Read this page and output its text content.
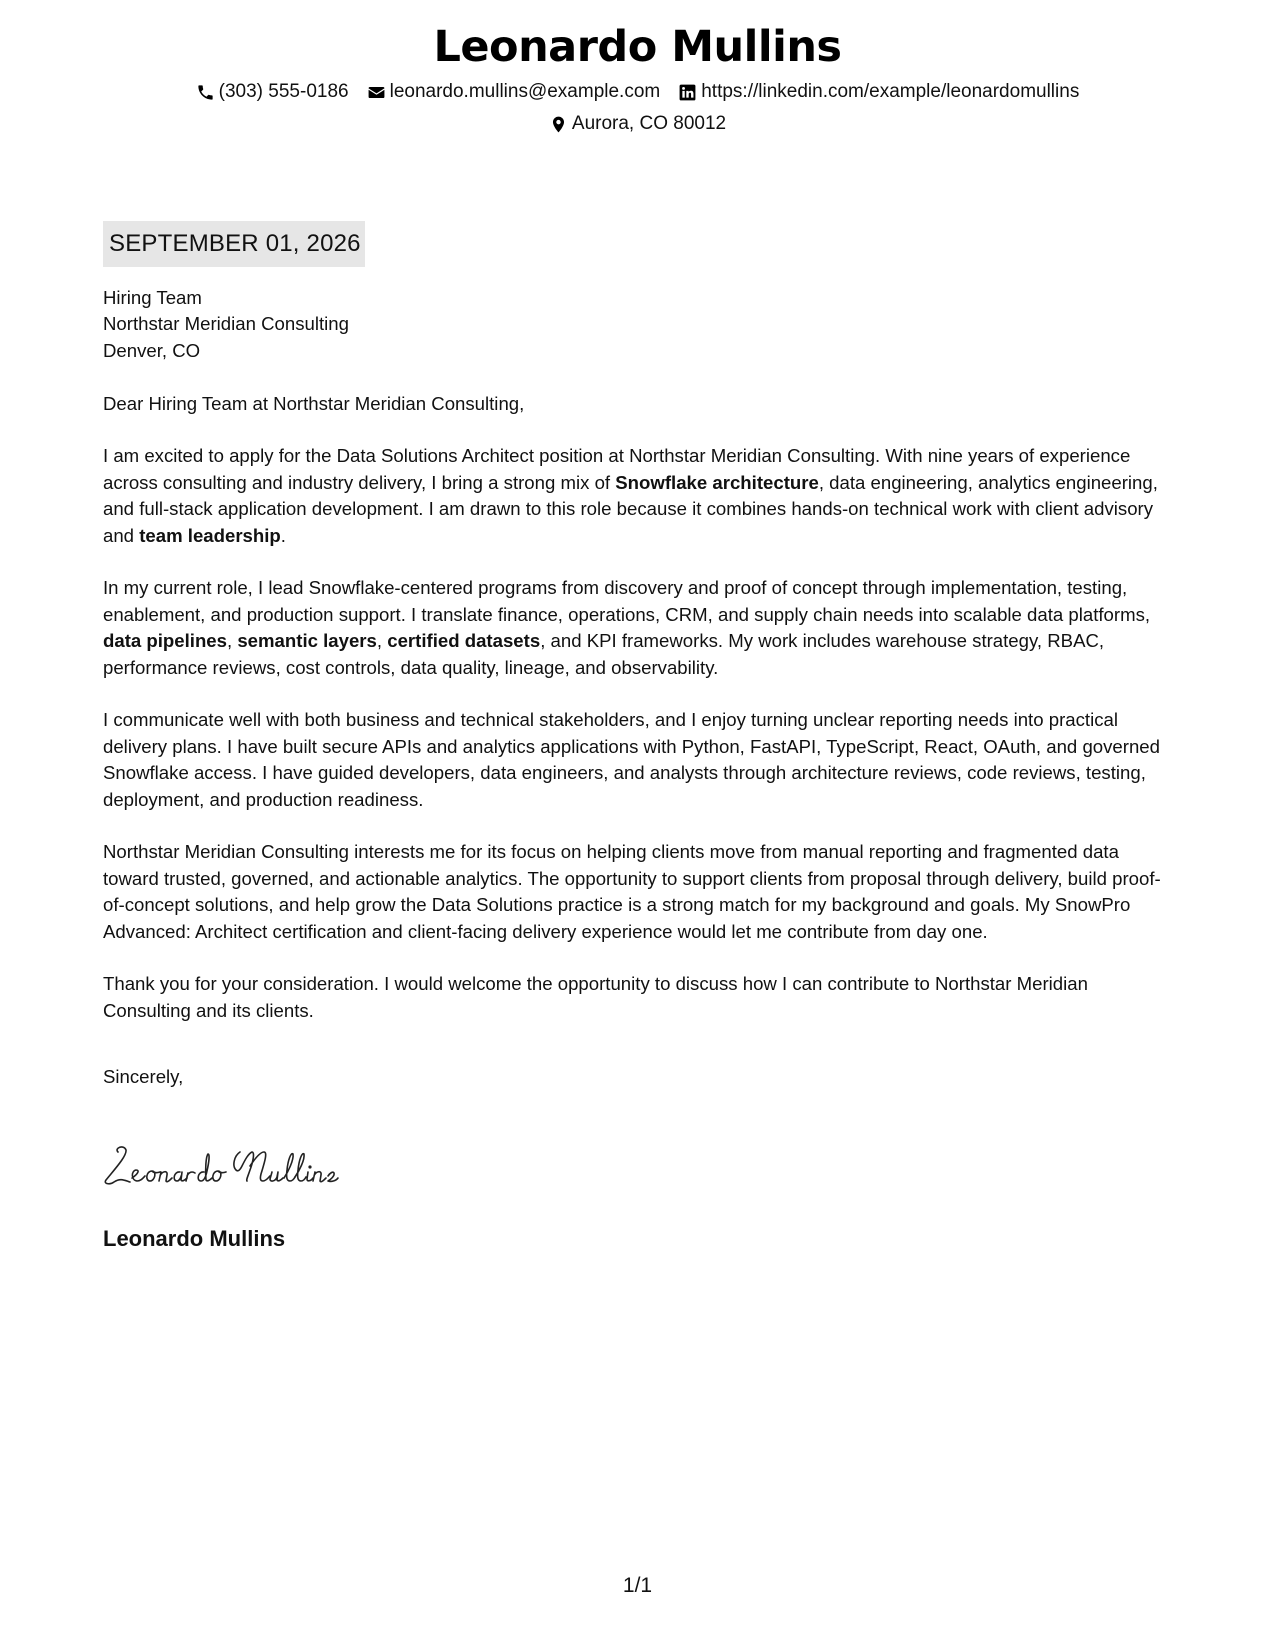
Leonardo Mullins
(303) 555-0186 leonardo.mullins@example.com https://linkedin.com/example/leonardomullins
Aurora, CO 80012
SEPTEMBER 01, 2026
Hiring Team
Northstar Meridian Consulting
Denver, CO

Dear Hiring Team at Northstar Meridian Consulting,

I am excited to apply for the Data Solutions Architect position at Northstar Meridian Consulting. With nine years of experience across consulting and industry delivery, I bring a strong mix of Snowflake architecture, data engineering, analytics engineering, and full-stack application development. I am drawn to this role because it combines hands-on technical work with client advisory and team leadership.

In my current role, I lead Snowflake-centered programs from discovery and proof of concept through implementation, testing, enablement, and production support. I translate finance, operations, CRM, and supply chain needs into scalable data platforms, data pipelines, semantic layers, certified datasets, and KPI frameworks. My work includes warehouse strategy, RBAC, performance reviews, cost controls, data quality, lineage, and observability.

I communicate well with both business and technical stakeholders, and I enjoy turning unclear reporting needs into practical delivery plans. I have built secure APIs and analytics applications with Python, FastAPI, TypeScript, React, OAuth, and governed Snowflake access. I have guided developers, data engineers, and analysts through architecture reviews, code reviews, testing, deployment, and production readiness.

Northstar Meridian Consulting interests me for its focus on helping clients move from manual reporting and fragmented data toward trusted, governed, and actionable analytics. The opportunity to support clients from proposal through delivery, build proof-of-concept solutions, and help grow the Data Solutions practice is a strong match for my background and goals. My SnowPro Advanced: Architect certification and client-facing delivery experience would let me contribute from day one.

Thank you for your consideration. I would welcome the opportunity to discuss how I can contribute to Northstar Meridian Consulting and its clients.

Sincerely,

Leonardo Mullins
1/1
